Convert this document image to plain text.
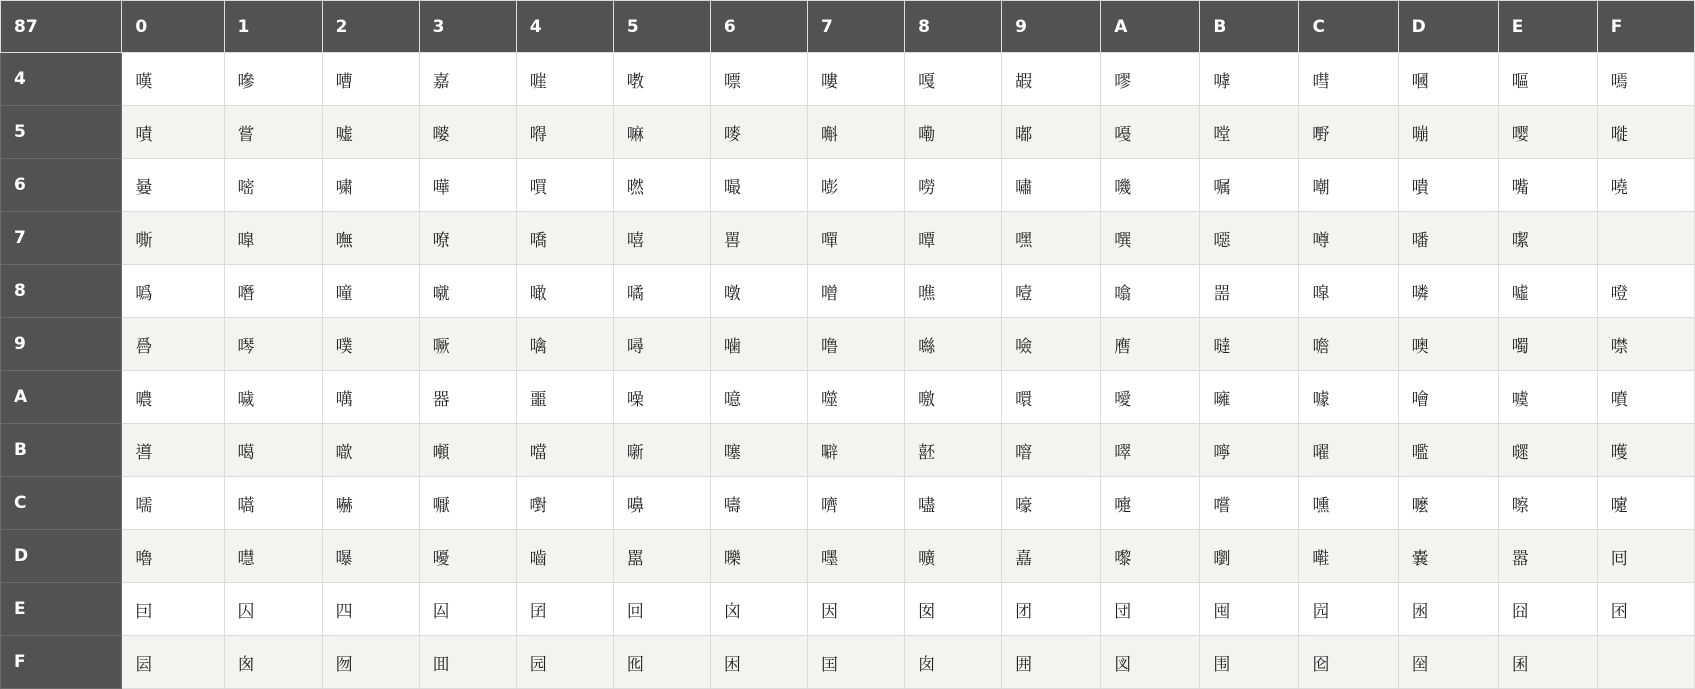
87	0	1	2	3	4	5	6	7	8	9	A	B	C	D	E	F
4	嘆	嘇	嘈	嘉	嘊	嘋	嘌	嘍	嘎	嘏	嘐	嘑	嘒	嘓	嘔	嘕
5	嘖	嘗	嘘	嘙	嘚	嘛	嘜	嘝	嘞	嘟	嘠	嘡	嘢	嘣	嘤	嘥
6	嘦	嘧	嘨	嘩	嘪	嘫	嘬	嘭	嘮	嘯	嘰	嘱	嘲	嘳	嘴	嘵
7	嘶	嘷	嘸	嘹	嘺	嘻	嘼	嘽	嘾	嘿	噀	噁	噂	噃	噄	
8	噅	噆	噇	噈	噉	噊	噋	噌	噍	噎	噏	噐	噑	噒	噓	噔
9	噕	噖	噗	噘	噙	噚	噛	噜	噝	噞	噟	噠	噡	噢	噣	噤
A	噥	噦	噧	器	噩	噪	噫	噬	噭	噮	噯	噰	噱	噲	噳	噴
B	噵	噶	噷	噸	噹	噺	噻	噼	噽	噾	噿	嚀	嚁	嚂	嚃	嚄
C	嚅	嚆	嚇	嚈	嚉	嚊	嚋	嚌	嚍	嚎	嚏	嚐	嚑	嚒	嚓	嚔
D	嚕	嚖	嚗	嚘	嚙	嚚	嚛	嚜	嚝	嚞	嚟	嚠	嚡	嚢	嚣	囘
E	囙	囚	四	囜	囝	回	囟	因	囡	团	団	囤	囥	囦	囧	囨
F	囩	囪	囫	囬	园	囮	困	囯	囱	囲	図	围	囵	囶	囷	
